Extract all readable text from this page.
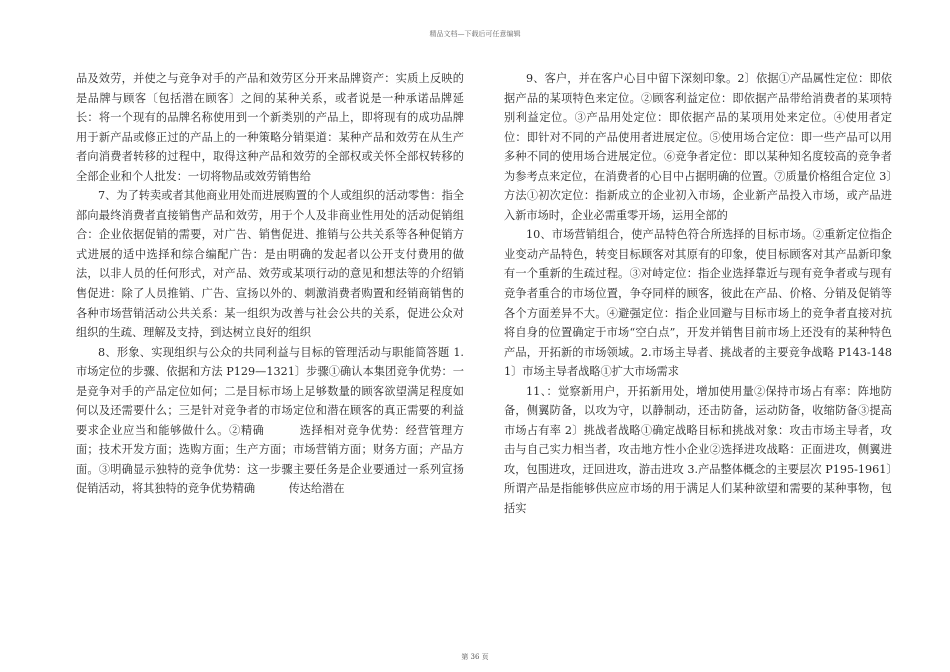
精品文档—下载后可任意编辑

品及效劳，并使之与竞争对手的产品和效劳区分开来品牌资产：实质上反映的是品牌与顾客〔包括潜在顾客〕之间的某种关系，或者说是一种承诺品牌延长：将一个现有的品牌名称使用到一个新类别的产品上，即将现有的成功品牌用于新产品或修正过的产品上的一种策略分销渠道：某种产品和效劳在从生产者向消费者转移的过程中，取得这种产品和效劳的全部权或关怀全部权转移的全部企业和个人批发：一切将物品或效劳销售给

7、为了转卖或者其他商业用处而进展购置的个人或组织的活动零售：指全部向最终消费者直接销售产品和效劳，用于个人及非商业性用处的活动促销组合：企业依据促销的需要，对广告、销售促进、推销与公共关系等各种促销方式进展的适中选择和综合编配广告：是由明确的发起者以公开支付费用的做法，以非人员的任何形式，对产品、效劳或某项行动的意见和想法等的介绍销售促进：除了人员推销、广告、宣扬以外的、刺激消费者购置和经销商销售的各种市场营销活动公共关系：某一组织为改善与社会公共的关系，促进公众对组织的生疏、理解及支持，到达树立良好的组织

8、形象、实现组织与公众的共同利益与目标的管理活动与职能简答题 1.市场定位的步骤、依据和方法 P129—1321〕步骤①确认本集团竞争优势：一是竞争对手的产品定位如何；二是目标市场上足够数量的顾客欲望满足程度如何以及还需要什么；三是针对竞争者的市场定位和潜在顾客的真正需要的利益要求企业应当和能够做什么。②精确　　　选择相对竞争优势：经营管理方面；技术开发方面；选购方面；生产方面；市场营销方面；财务方面；产品方面。③明确显示独特的竞争优势：这一步骤主要任务是企业要通过一系列宣扬促销活动，将其独特的竞争优势精确　　　传达给潜在

9、客户，并在客户心目中留下深刻印象。2〕依据①产品属性定位：即依据产品的某项特色来定位。②顾客利益定位：即依据产品带给消费者的某项特别利益定位。③产品用处定位：即依据产品的某项用处来定位。④使用者定位：即针对不同的产品使用者进展定位。⑤使用场合定位：即一些产品可以用多种不同的使用场合进展定位。⑥竞争者定位：即以某种知名度较高的竞争者为参考点来定位，在消费者的心目中占据明确的位置。⑦质量价格组合定位 3〕方法①初次定位：指新成立的企业初入市场，企业新产品投入市场，或产品进入新市场时，企业必需重零开场，运用全部的

10、市场营销组合，使产品特色符合所选择的目标市场。②重新定位指企业变动产品特色，转变目标顾客对其原有的印象，使目标顾客对其产品新印象有一个重新的生疏过程。③对峙定位：指企业选择靠近与现有竞争者或与现有竞争者重合的市场位置，争夺同样的顾客，彼此在产品、价格、分销及促销等各个方面差异不大。④避强定位：指企业回避与目标市场上的竞争者直接对抗将自身的位置确定于市场“空白点”，开发并销售目前市场上还没有的某种特色产品，开拓新的市场领域。2.市场主导者、挑战者的主要竞争战略 P143-1481〕市场主导者战略①扩大市场需求

11、：觉察新用户，开拓新用处，增加使用量②保持市场占有率：阵地防备，侧翼防备，以攻为守，以静制动，还击防备，运动防备，收缩防备③提高市场占有率 2〕挑战者战略①确定战略目标和挑战对象：攻击市场主导者，攻击与自己实力相当者，攻击地方性小企业②选择进攻战略：正面进攻，侧翼进攻，包围进攻，迂回进攻，游击进攻 3.产品整体概念的主要层次 P195-1961〕所谓产品是指能够供应应市场的用于满足人们某种欲望和需要的某种事物，包括实

第 36 页
